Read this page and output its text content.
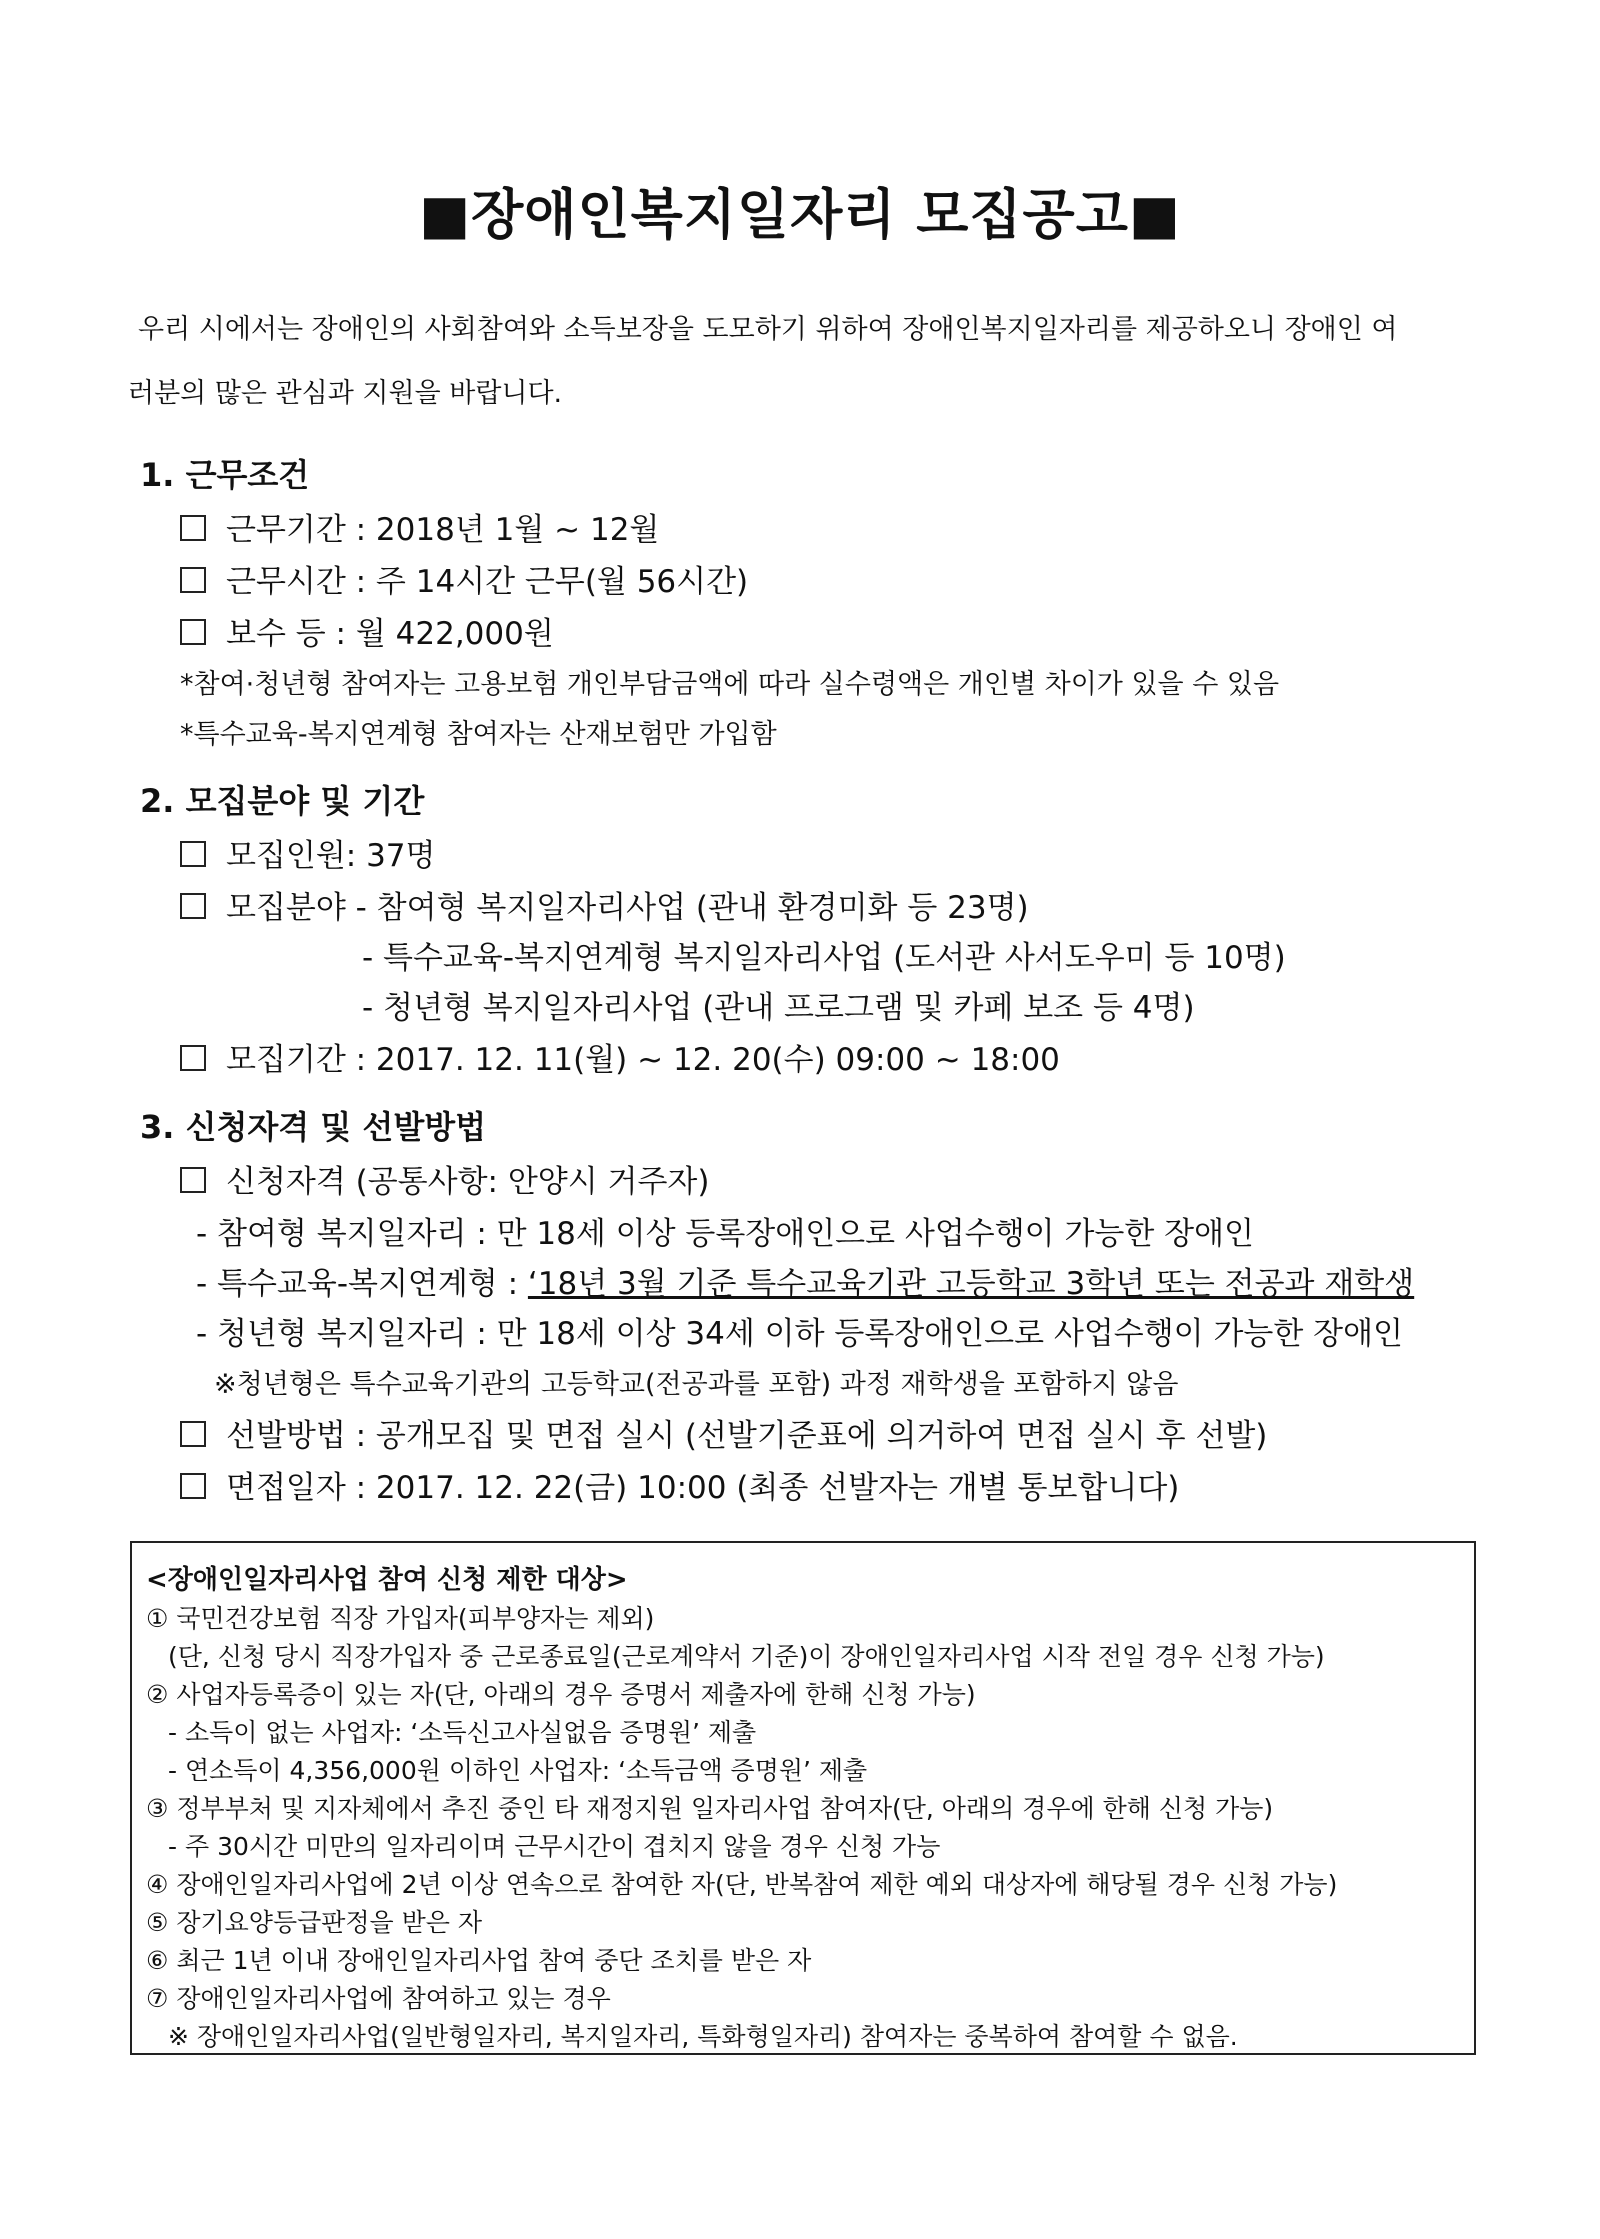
■장애인복지일자리 모집공고■
우리 시에서는 장애인의 사회참여와 소득보장을 도모하기 위하여 장애인복지일자리를 제공하오니 장애인 여
러분의 많은 관심과 지원을 바랍니다.
1. 근무조건
근무기간 : 2018년 1월 ~ 12월
근무시간 : 주 14시간 근무(월 56시간)
보수 등 : 월 422,000원
*참여·청년형 참여자는 고용보험 개인부담금액에 따라 실수령액은 개인별 차이가 있을 수 있음
*특수교육-복지연계형 참여자는 산재보험만 가입함
2. 모집분야 및 기간
모집인원: 37명
모집분야 - 참여형 복지일자리사업 (관내 환경미화 등 23명)
- 특수교육-복지연계형 복지일자리사업 (도서관 사서도우미 등 10명)
- 청년형 복지일자리사업 (관내 프로그램 및 카페 보조 등 4명)
모집기간 : 2017. 12. 11(월) ~ 12. 20(수) 09:00 ~ 18:00
3. 신청자격 및 선발방법
신청자격 (공통사항: 안양시 거주자)
- 참여형 복지일자리 : 만 18세 이상 등록장애인으로 사업수행이 가능한 장애인
- 특수교육-복지연계형 : ‘18년 3월 기준 특수교육기관 고등학교 3학년 또는 전공과 재학생
- 청년형 복지일자리 : 만 18세 이상 34세 이하 등록장애인으로 사업수행이 가능한 장애인
※청년형은 특수교육기관의 고등학교(전공과를 포함) 과정 재학생을 포함하지 않음
선발방법 : 공개모집 및 면접 실시 (선발기준표에 의거하여 면접 실시 후 선발)
면접일자 : 2017. 12. 22(금) 10:00 (최종 선발자는 개별 통보합니다)
<장애인일자리사업 참여 신청 제한 대상>
① 국민건강보험 직장 가입자(피부양자는 제외)
(단, 신청 당시 직장가입자 중 근로종료일(근로계약서 기준)이 장애인일자리사업 시작 전일 경우 신청 가능)
② 사업자등록증이 있는 자(단, 아래의 경우 증명서 제출자에 한해 신청 가능)
- 소득이 없는 사업자: ‘소득신고사실없음 증명원’ 제출
- 연소득이 4,356,000원 이하인 사업자: ‘소득금액 증명원’ 제출
③ 정부부처 및 지자체에서 추진 중인 타 재정지원 일자리사업 참여자(단, 아래의 경우에 한해 신청 가능)
- 주 30시간 미만의 일자리이며 근무시간이 겹치지 않을 경우 신청 가능
④ 장애인일자리사업에 2년 이상 연속으로 참여한 자(단, 반복참여 제한 예외 대상자에 해당될 경우 신청 가능)
⑤ 장기요양등급판정을 받은 자
⑥ 최근 1년 이내 장애인일자리사업 참여 중단 조치를 받은 자
⑦ 장애인일자리사업에 참여하고 있는 경우
※ 장애인일자리사업(일반형일자리, 복지일자리, 특화형일자리) 참여자는 중복하여 참여할 수 없음.
